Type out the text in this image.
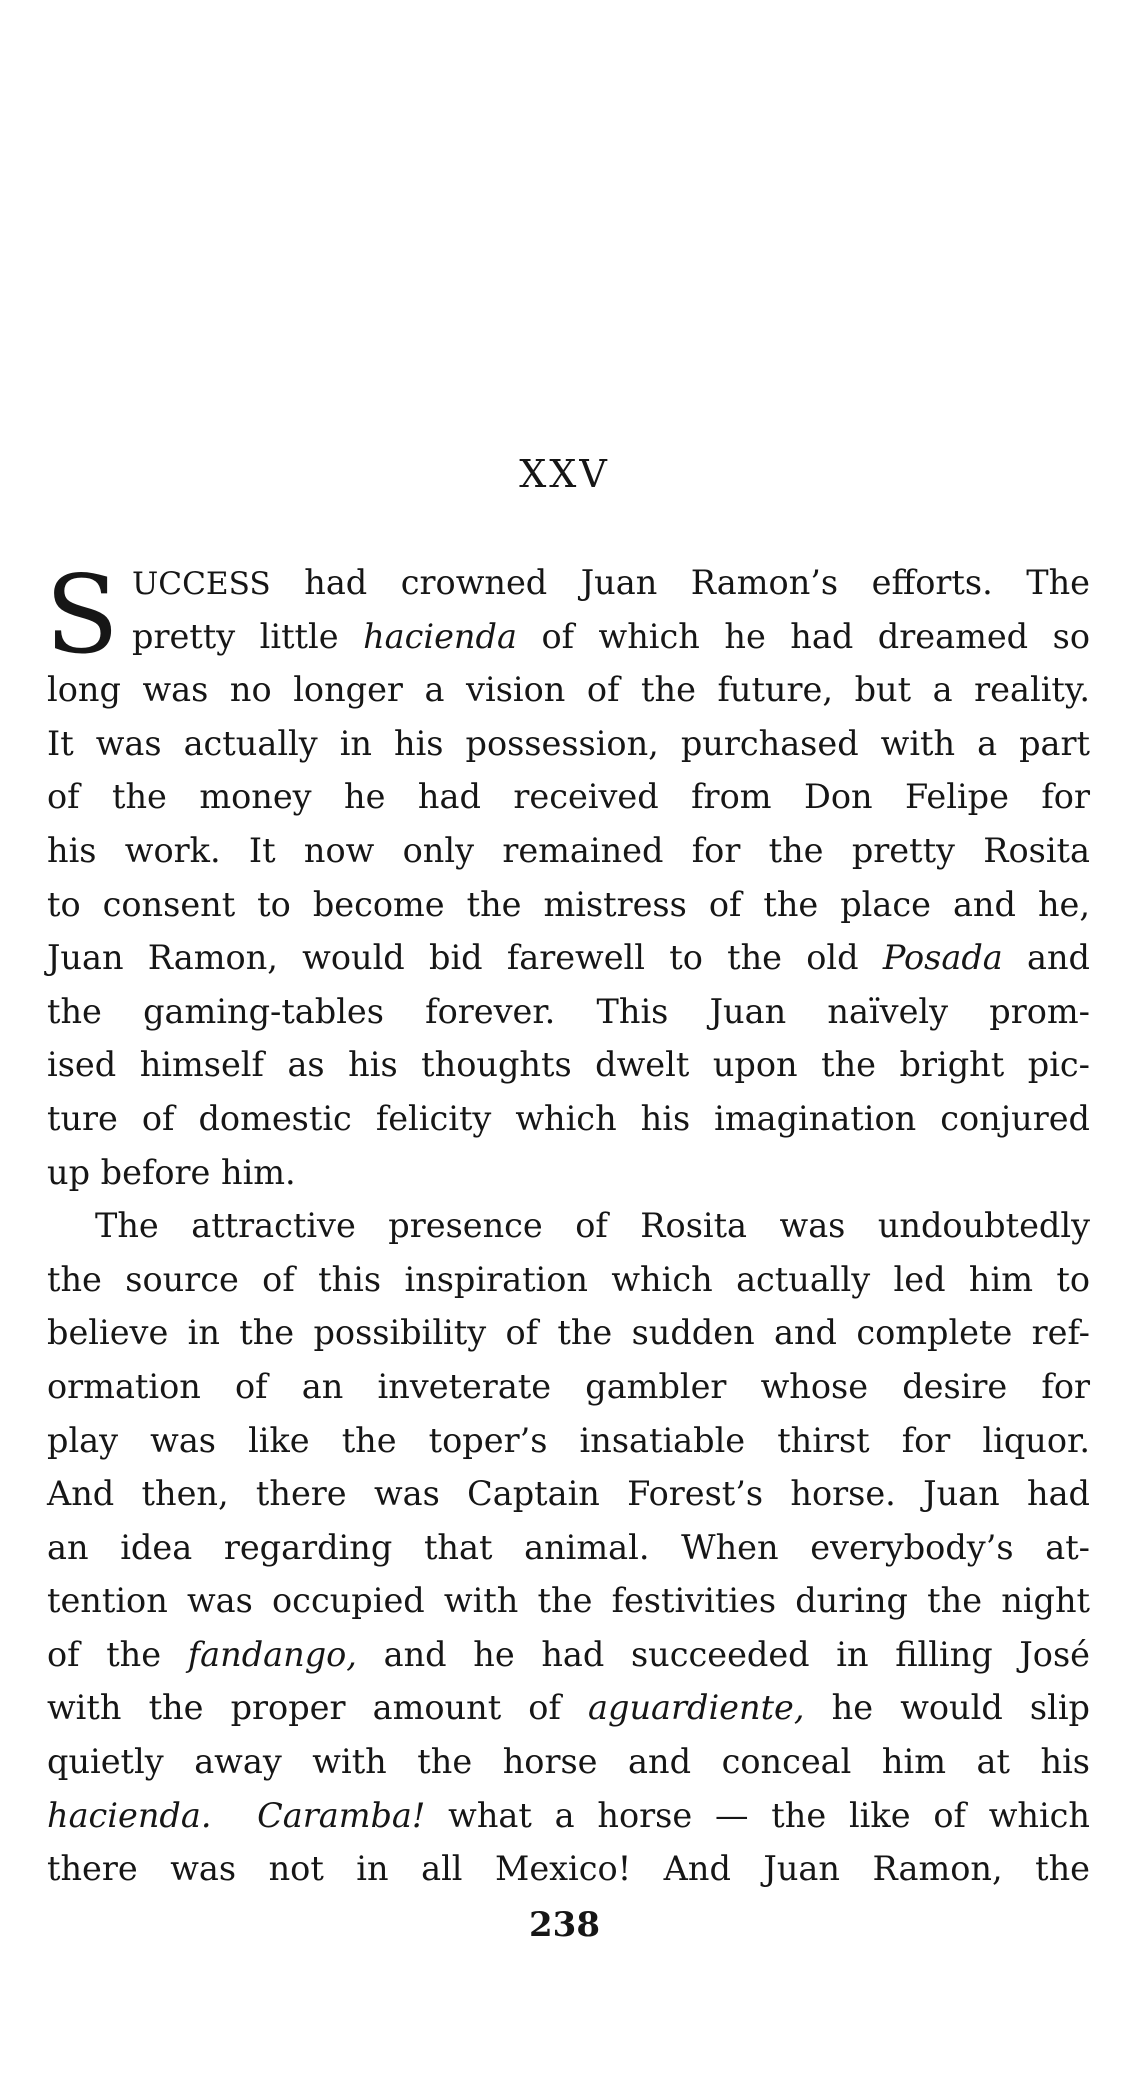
XXV
S UCCESS had crowned Juan Ramon’s efforts. The
pretty little hacienda of which he had dreamed so
long was no longer a vision of the future, but a reality.
It was actually in his possession, purchased with a part
of the money he had received from Don Felipe for
his work. It now only remained for the pretty Rosita
to consent to become the mistress of the place and he,
Juan Ramon, would bid farewell to the old Posada and
the gaming-tables forever. This Juan naïvely prom-
ised himself as his thoughts dwelt upon the bright pic-
ture of domestic felicity which his imagination conjured
up before him.
The attractive presence of Rosita was undoubtedly
the source of this inspiration which actually led him to
believe in the possibility of the sudden and complete ref-
ormation of an inveterate gambler whose desire for
play was like the toper’s insatiable thirst for liquor.
And then, there was Captain Forest’s horse. Juan had
an idea regarding that animal. When everybody’s at-
tention was occupied with the festivities during the night
of the fandango, and he had succeeded in filling José
with the proper amount of aguardiente, he would slip
quietly away with the horse and conceal him at his
hacienda. Caramba! what a horse — the like of which
there was not in all Mexico! And Juan Ramon, the
238
